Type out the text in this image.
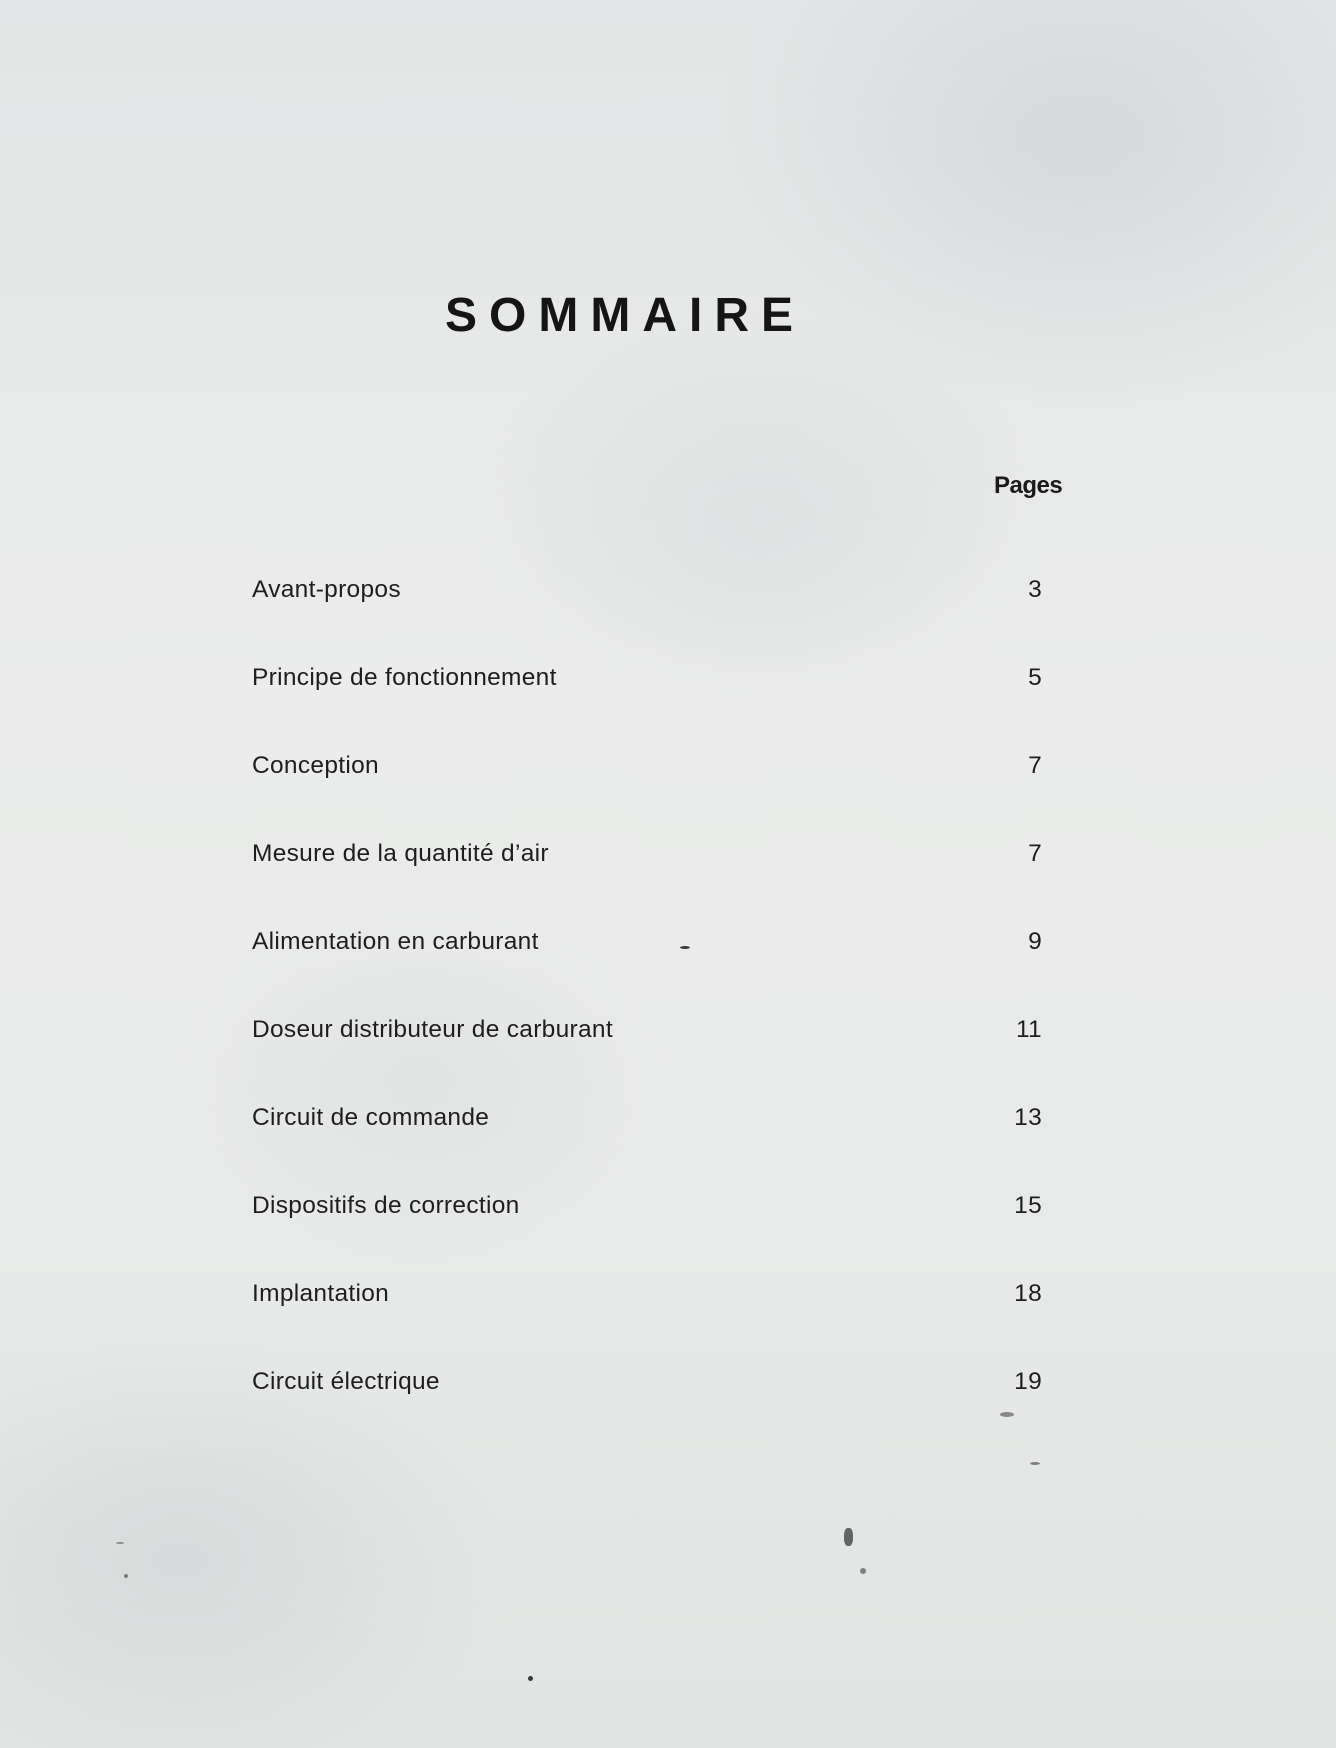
SOMMAIRE
Pages
Avant-propos	3
Principe de fonctionnement	5
Conception	7
Mesure de la quantité d’air	7
Alimentation en carburant	9
Doseur distributeur de carburant	11
Circuit de commande	13
Dispositifs de correction	15
Implantation	18
Circuit électrique	19
